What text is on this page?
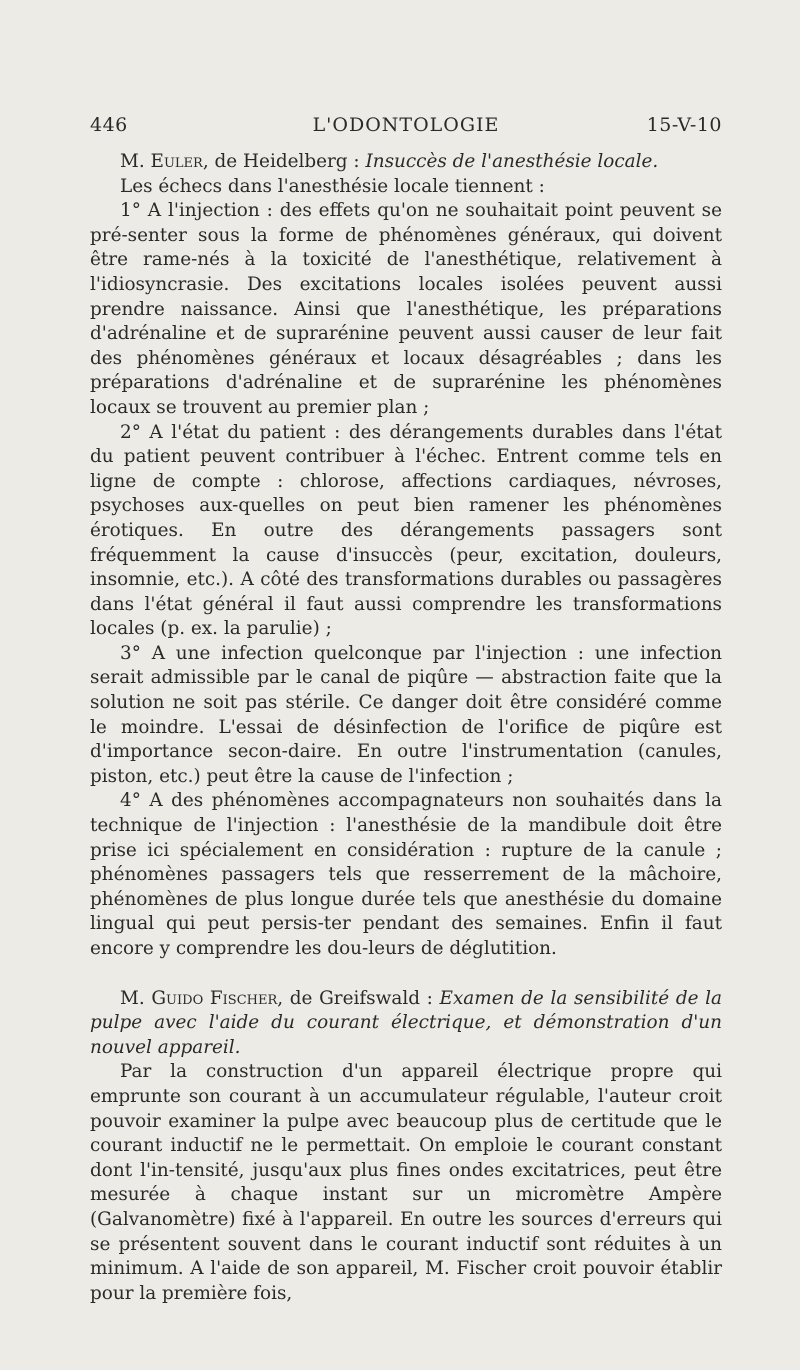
446	L'ODONTOLOGIE	15-V-10

M. Euler, de Heidelberg : Insuccès de l'anesthésie locale.

Les échecs dans l'anesthésie locale tiennent :

1° A l'injection : des effets qu'on ne souhaitait point peuvent se pré-senter sous la forme de phénomènes généraux, qui doivent être rame-nés à la toxicité de l'anesthétique, relativement à l'idiosyncrasie. Des excitations locales isolées peuvent aussi prendre naissance. Ainsi que l'anesthétique, les préparations d'adrénaline et de suprarénine peuvent aussi causer de leur fait des phénomènes généraux et locaux désagréables ; dans les préparations d'adrénaline et de suprarénine les phénomènes locaux se trouvent au premier plan ;

2° A l'état du patient : des dérangements durables dans l'état du patient peuvent contribuer à l'échec. Entrent comme tels en ligne de compte : chlorose, affections cardiaques, névroses, psychoses aux-quelles on peut bien ramener les phénomènes érotiques. En outre des dérangements passagers sont fréquemment la cause d'insuccès (peur, excitation, douleurs, insomnie, etc.). A côté des transformations durables ou passagères dans l'état général il faut aussi comprendre les transformations locales (p. ex. la parulie) ;

3° A une infection quelconque par l'injection : une infection serait admissible par le canal de piqûre — abstraction faite que la solution ne soit pas stérile. Ce danger doit être considéré comme le moindre. L'essai de désinfection de l'orifice de piqûre est d'importance secon-daire. En outre l'instrumentation (canules, piston, etc.) peut être la cause de l'infection ;

4° A des phénomènes accompagnateurs non souhaités dans la technique de l'injection : l'anesthésie de la mandibule doit être prise ici spécialement en considération : rupture de la canule ; phénomènes passagers tels que resserrement de la mâchoire, phénomènes de plus longue durée tels que anesthésie du domaine lingual qui peut persis-ter pendant des semaines. Enfin il faut encore y comprendre les dou-leurs de déglutition.

M. Guido Fischer, de Greifswald : Examen de la sensibilité de la pulpe avec l'aide du courant électrique, et démonstration d'un nouvel appareil.

Par la construction d'un appareil électrique propre qui emprunte son courant à un accumulateur régulable, l'auteur croit pouvoir examiner la pulpe avec beaucoup plus de certitude que le courant inductif ne le permettait. On emploie le courant constant dont l'in-tensité, jusqu'aux plus fines ondes excitatrices, peut être mesurée à chaque instant sur un micromètre Ampère (Galvanomètre) fixé à l'appareil. En outre les sources d'erreurs qui se présentent souvent dans le courant inductif sont réduites à un minimum. A l'aide de son appareil, M. Fischer croit pouvoir établir pour la première fois,
